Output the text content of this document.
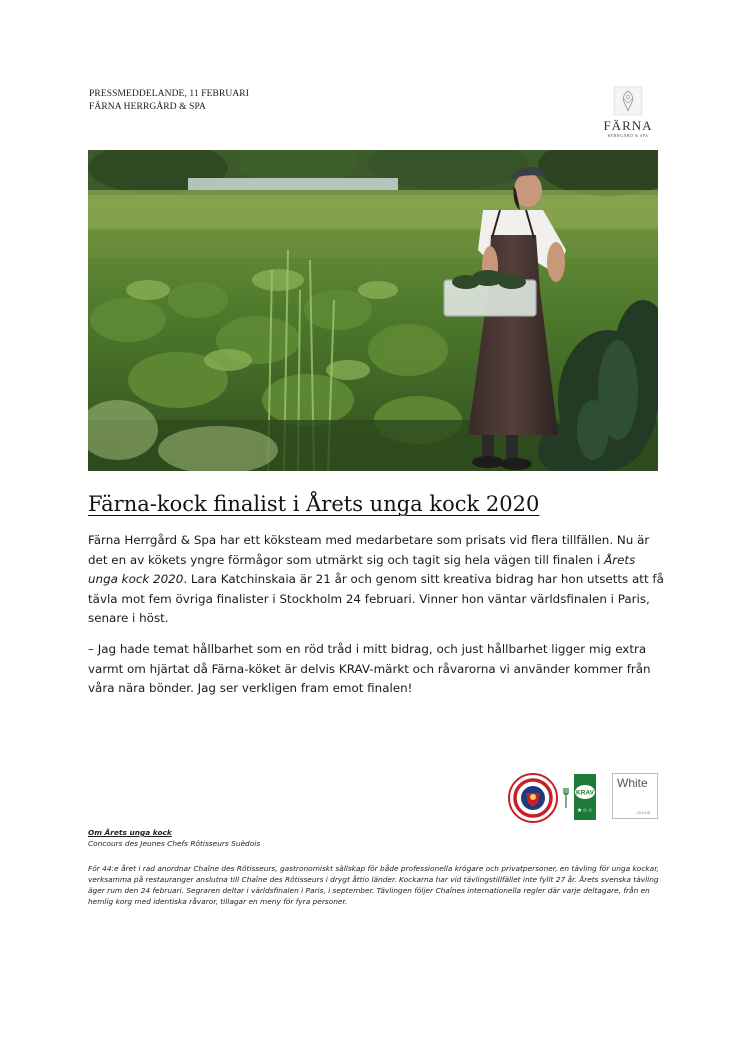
PRESSMEDDELANDE, 11 FEBRUARI
FÄRNA HERRGÅRD & SPA
FÄRNA
HERRGÅRD & SPA
Färna-kock finalist i Årets unga kock 2020

Färna Herrgård & Spa har ett köksteam med medarbetare som prisats vid flera tillfällen. Nu är det en av kökets yngre förmågor som utmärkt sig och tagit sig hela vägen till finalen i Årets unga kock 2020. Lara Katchinskaia är 21 år och genom sitt kreativa bidrag har hon utsetts att få tävla mot fem övriga finalister i Stockholm 24 februari. Vinner hon väntar världsfinalen i Paris, senare i höst.

– Jag hade temat hållbarhet som en röd tråd i mitt bidrag, och just hållbarhet ligger mig extra varmt om hjärtat då Färna-köket är delvis KRAV-märkt och råvarorna vi använder kommer från våra nära bönder. Jag ser verkligen fram emot finalen!

KRAV
★☆☆
White
GUIDE
Om Årets unga kock
Concours des Jeunes Chefs Rôtisseurs Suèdois
För 44:e året i rad anordnar Chaîne des Rôtisseurs, gastronomiskt sällskap för både professionella krögare och privatpersoner, en tävling för unga kockar, verksamma på restauranger anslutna till Chaîne des Rôtisseurs i drygt åttio länder. Kockarna har vid tävlingstillfället inte fyllt 27 år. Årets svenska tävling äger rum den 24 februari. Segraren deltar i världsfinalen i Paris, i september. Tävlingen följer Chaînes internationella regler där varje deltagare, från en hemlig korg med identiska råvaror, tillagar en meny för fyra personer.
